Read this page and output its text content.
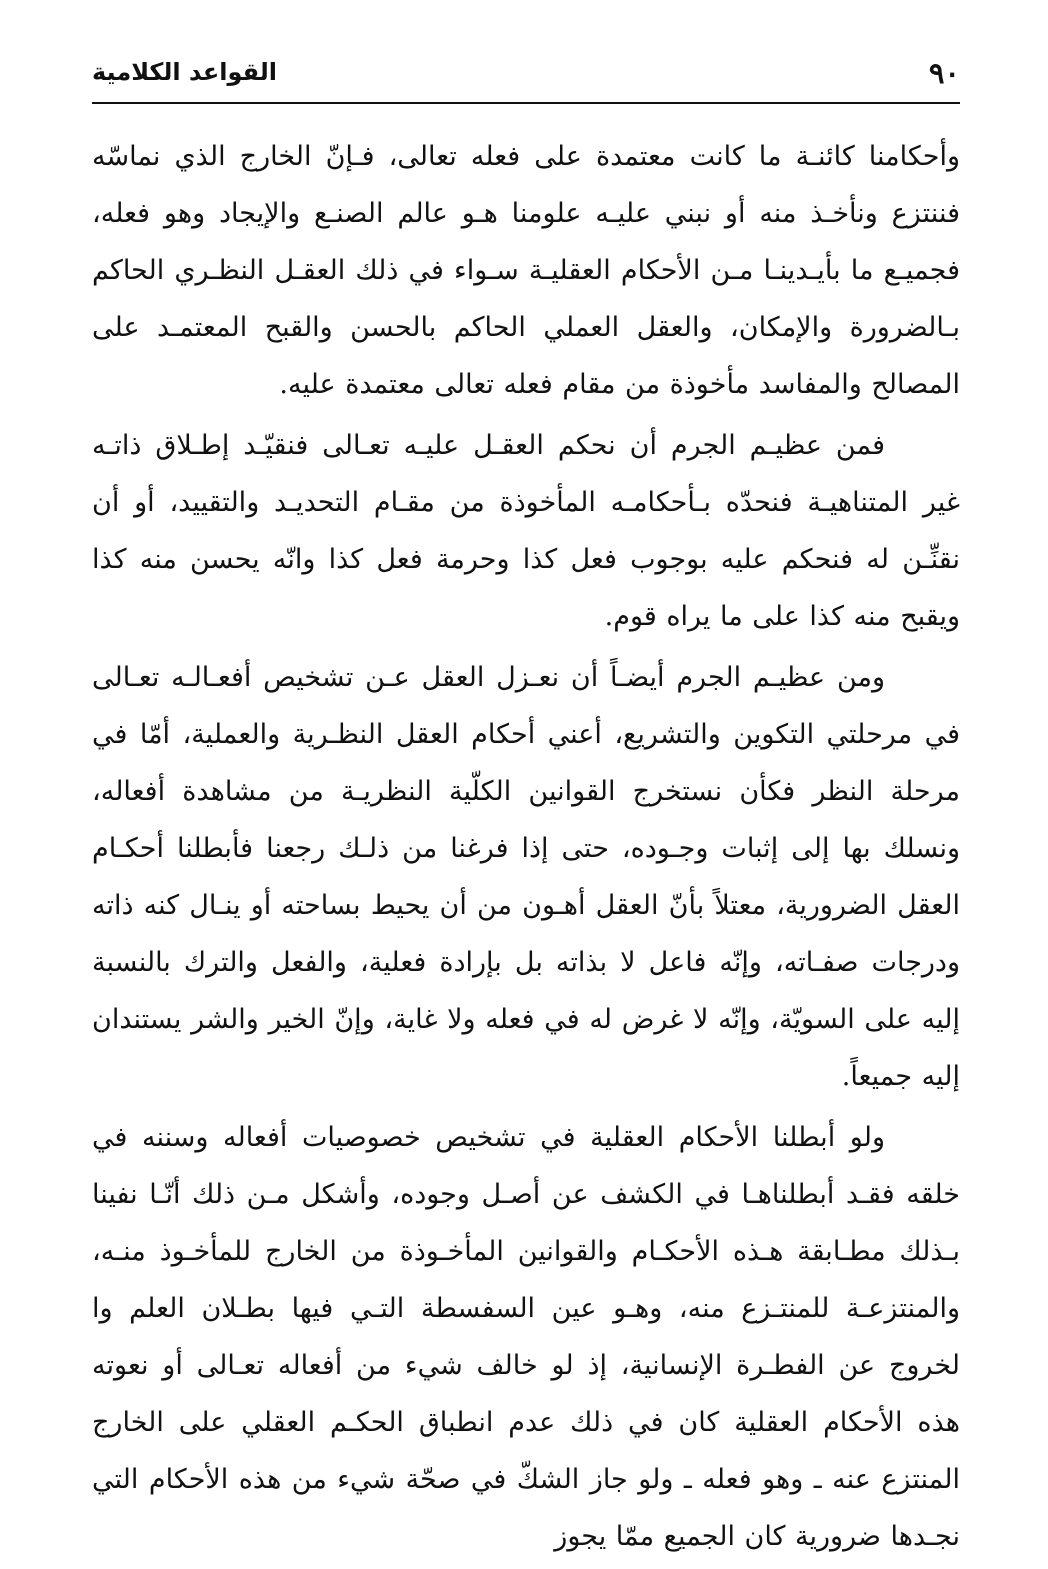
٩٠
القواعد الكلامية

وأحكامنا كائنـة ما كانت معتمدة على فعله تعالى، فـإنّ الخارج الذي نماسّه فننتزع ونأخـذ منه أو نبني عليـه علومنا هـو عالم الصنـع والإيجاد وهو فعله، فجميـع ما بأيـدينـا مـن الأحكام العقليـة سـواء في ذلك العقـل النظـري الحاكم بـالضرورة والإمكان، والعقل العملي الحاكم بالحسن والقبح المعتمـد على المصالح والمفاسد مأخوذة من مقام فعله تعالى معتمدة عليه.

فمن عظيـم الجرم أن نحكم العقـل عليـه تعـالى فنقيّـد إطـلاق ذاتـه غير المتناهيـة فنحدّه بـأحكامـه المأخوذة من مقـام التحديـد والتقييد، أو أن نقنِّـن له فنحكم عليه بوجوب فعل كذا وحرمة فعل كذا وانّه يحسن منه كذا ويقبح منه كذا على ما يراه قوم.

ومن عظيـم الجرم أيضـاً أن نعـزل العقل عـن تشخيص أفعـالـه تعـالى في مرحلتي التكوين والتشريع، أعني أحكام العقل النظـرية والعملية، أمّا في مرحلة النظر فكأن نستخرج القوانين الكلّية النظريـة من مشاهدة أفعاله، ونسلك بها إلى إثبات وجـوده، حتى إذا فرغنا من ذلـك رجعنا فأبطلنا أحكـام العقل الضرورية، معتلاً بأنّ العقل أهـون من أن يحيط بساحته أو ينـال كنه ذاته ودرجات صفـاته، وإنّه فاعل لا بذاته بل بإرادة فعلية، والفعل والترك بالنسبة إليه على السويّة، وإنّه لا غرض له في فعله ولا غاية، وإنّ الخير والشر يستندان إليه جميعاً.

ولو أبطلنا الأحكام العقلية في تشخيص خصوصيات أفعاله وسننه في خلقه فقـد أبطلناهـا في الكشف عن أصـل وجوده، وأشكل مـن ذلك أنّـا نفينا بـذلك مطـابقة هـذه الأحكـام والقوانين المأخـوذة من الخارج للمأخـوذ منـه، والمنتزعـة للمنتـزع منه، وهـو عين السفسطة التـي فيها بطـلان العلم وا لخروج عن الفطـرة الإنسانية، إذ لو خالف شيء من أفعاله تعـالى أو نعوته هذه الأحكام العقلية كان في ذلك عدم انطباق الحكـم العقلي على الخارج المنتزع عنه ـ وهو فعله ـ ولو جاز الشكّ في صحّة شيء من هذه الأحكام التي نجـدها ضرورية كان الجميع ممّا يجوز
